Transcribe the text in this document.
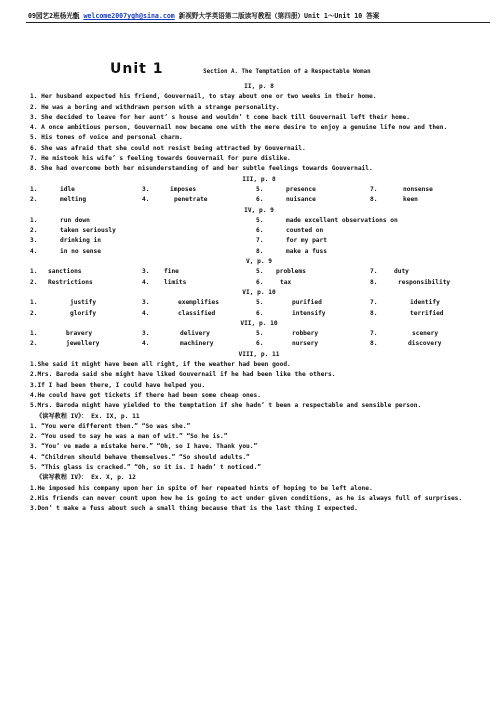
09园艺2班杨光甑 welcome2007ygh@sina.com 新视野大学英语第二版读写教程（第四册）Unit 1～Unit 10 答案
Unit 1	Section A. The Temptation of a Respectable Woman
II, p. 8
1. Her husband expected his friend, Gouvernail, to stay about one or two weeks in their home.
2. He was a boring and withdrawn person with a strange personality.
3. She decided to leave for her aunt’ s house and wouldn’ t come back till Gouvernail left their home.
4. A once ambitious person, Gouvernail now became one with the mere desire to enjoy a genuine life now and then.
5. His tones of voice and personal charm.
6. She was afraid that she could not resist being attracted by Gouvernail.
7. He mistook his wife’ s feeling towards Gouvernail for pure dislike.
8. She had overcome both her misunderstanding of and her subtle feelings towards Gouvernail.
III, p. 8
1.	idle	3.	imposes	5.	presence	7.	nonsense
2.	melting	4.	penetrate	6.	nuisance	8.	keen
IV, p. 9
1.	run down	5.	made excellent observations on
2.	taken seriously	6.	counted on
3.	drinking in	7.	for my part
4.	in no sense	8.	make a fuss
V, p. 9
1. sanctions	3. fine	5. problems	7.	duty
2. Restrictions	4. limits	6.	tax	8.	responsibility
VI, p. 10
1.	justify	3.	exemplifies	5.	purified	7.	identify
2.	glorify	4.	classified	6.	intensify	8.	terrified
VII, p. 10
1.	bravery	3.	delivery	5.	robbery	7.	scenery
2.	jewellery	4.	machinery	6.	nursery	8.	discovery
VIII, p. 11
1.She said it might have been all right, if the weather had been good.
2.Mrs. Baroda said she might have liked Gouvernail if he had been like the others.
3.If I had been there, I could have helped you.
4.He could have got tickets if there had been some cheap ones.
5.Mrs. Baroda might have yielded to the temptation if she hadn’ t been a respectable and sensible person.
《读写教程 IV》： Ex. IX, p. 11
1. “You were different then.” “So was she.”
2. “You used to say he was a man of wit.” “So he is.”
3. “You’ ve made a mistake here.” “Oh, so I have. Thank you.”
4. “Children should behave themselves.” “So should adults.”
5. “This glass is cracked.” “Oh, so it is. I hadn’ t noticed.”
《读写教程 IV》： Ex. X, p. 12
1.He imposed his company upon her in spite of her repeated hints of hoping to be left alone.
2.His friends can never count upon how he is going to act under given conditions, as he is always full of surprises.
3.Don’ t make a fuss about such a small thing because that is the last thing I expected.
